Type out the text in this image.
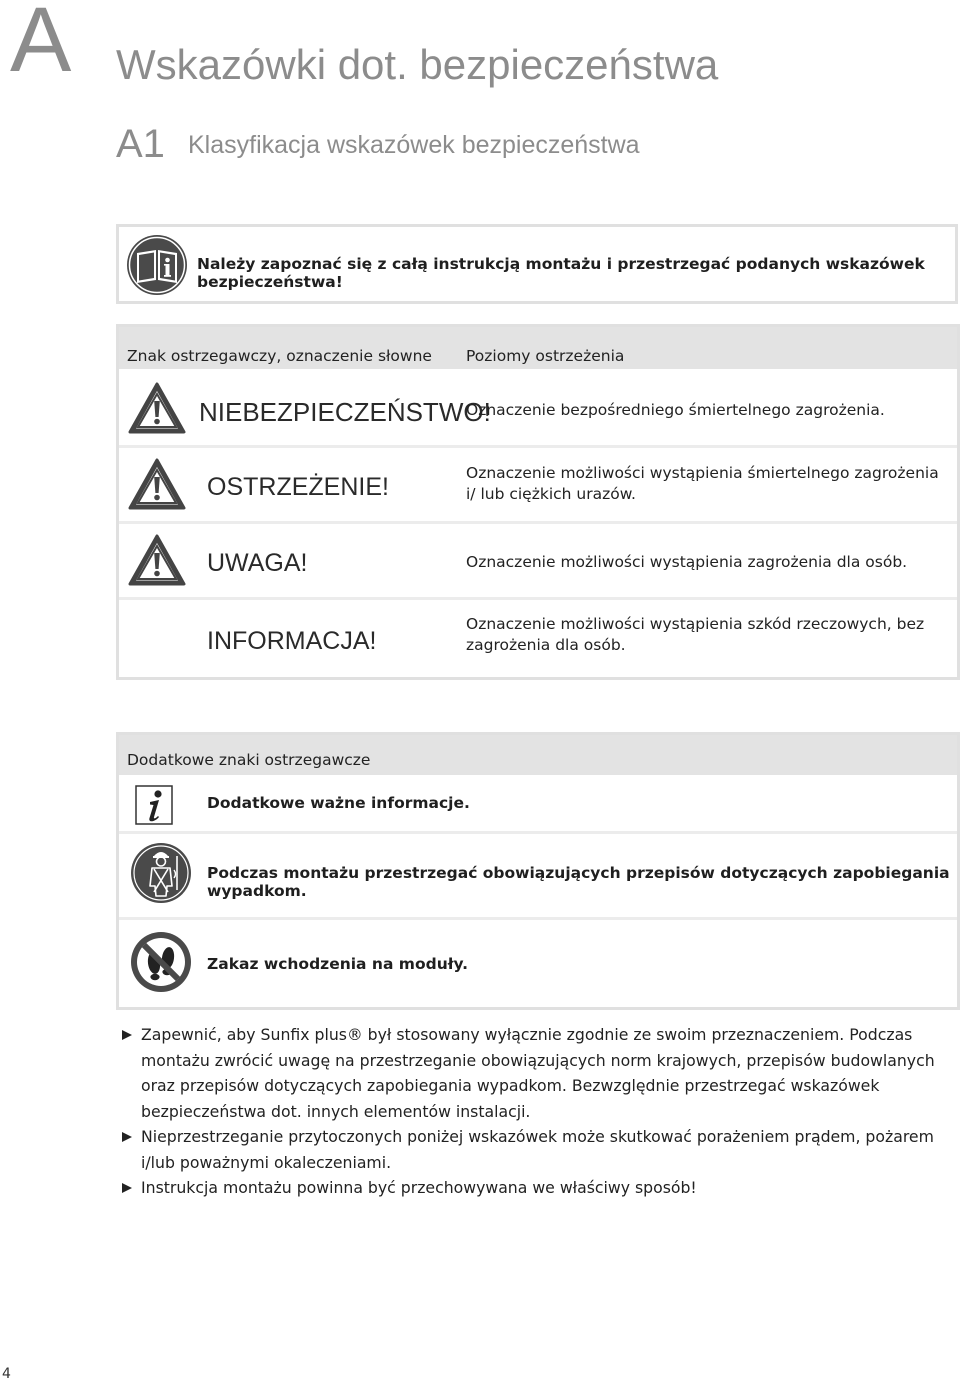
A Wskazówki dot. bezpieczeństwa
A1 Klasyfikacja wskazówek bezpieczeństwa
Należy zapoznać się z całą instrukcją montażu i przestrzegać podanych wskazówek bezpieczeństwa!
Znak ostrzegawczy, oznaczenie słowne Poziomy ostrzeżenia
NIEBEZPIECZEŃSTWO!
Oznaczenie bezpośredniego śmiertelnego zagrożenia.
OSTRZEŻENIE!	Oznaczenie możliwości wystąpienia śmiertelnego zagrożenia i/ lub ciężkich urazów.
UWAGA!	Oznaczenie możliwości wystąpienia zagrożenia dla osób.
INFORMACJA!
Oznaczenie możliwości wystąpienia szkód rzeczowych, bez zagrożenia dla osób.
Dodatkowe znaki ostrzegawcze
Dodatkowe ważne informacje.
Podczas montażu przestrzegać obowiązujących przepisów dotyczących zapobiegania wypadkom.
Zakaz wchodzenia na moduły.

Zapewnić, aby Sunfix plus® był stosowany wyłącznie zgodnie ze swoim przeznaczeniem. Podczas montażu zwrócić uwagę na przestrzeganie obowiązujących norm krajowych, przepisów budowlanych oraz przepisów dotyczących zapobiegania wypadkom. Bezwzględnie przestrzegać wskazówek bezpieczeństwa dot. innych elementów instalacji.

Nieprzestrzeganie przytoczonych poniżej wskazówek może skutkować porażeniem prądem, pożarem i/lub poważnymi okaleczeniami.

Instrukcja montażu powinna być przechowywana we właściwy sposób!

4
